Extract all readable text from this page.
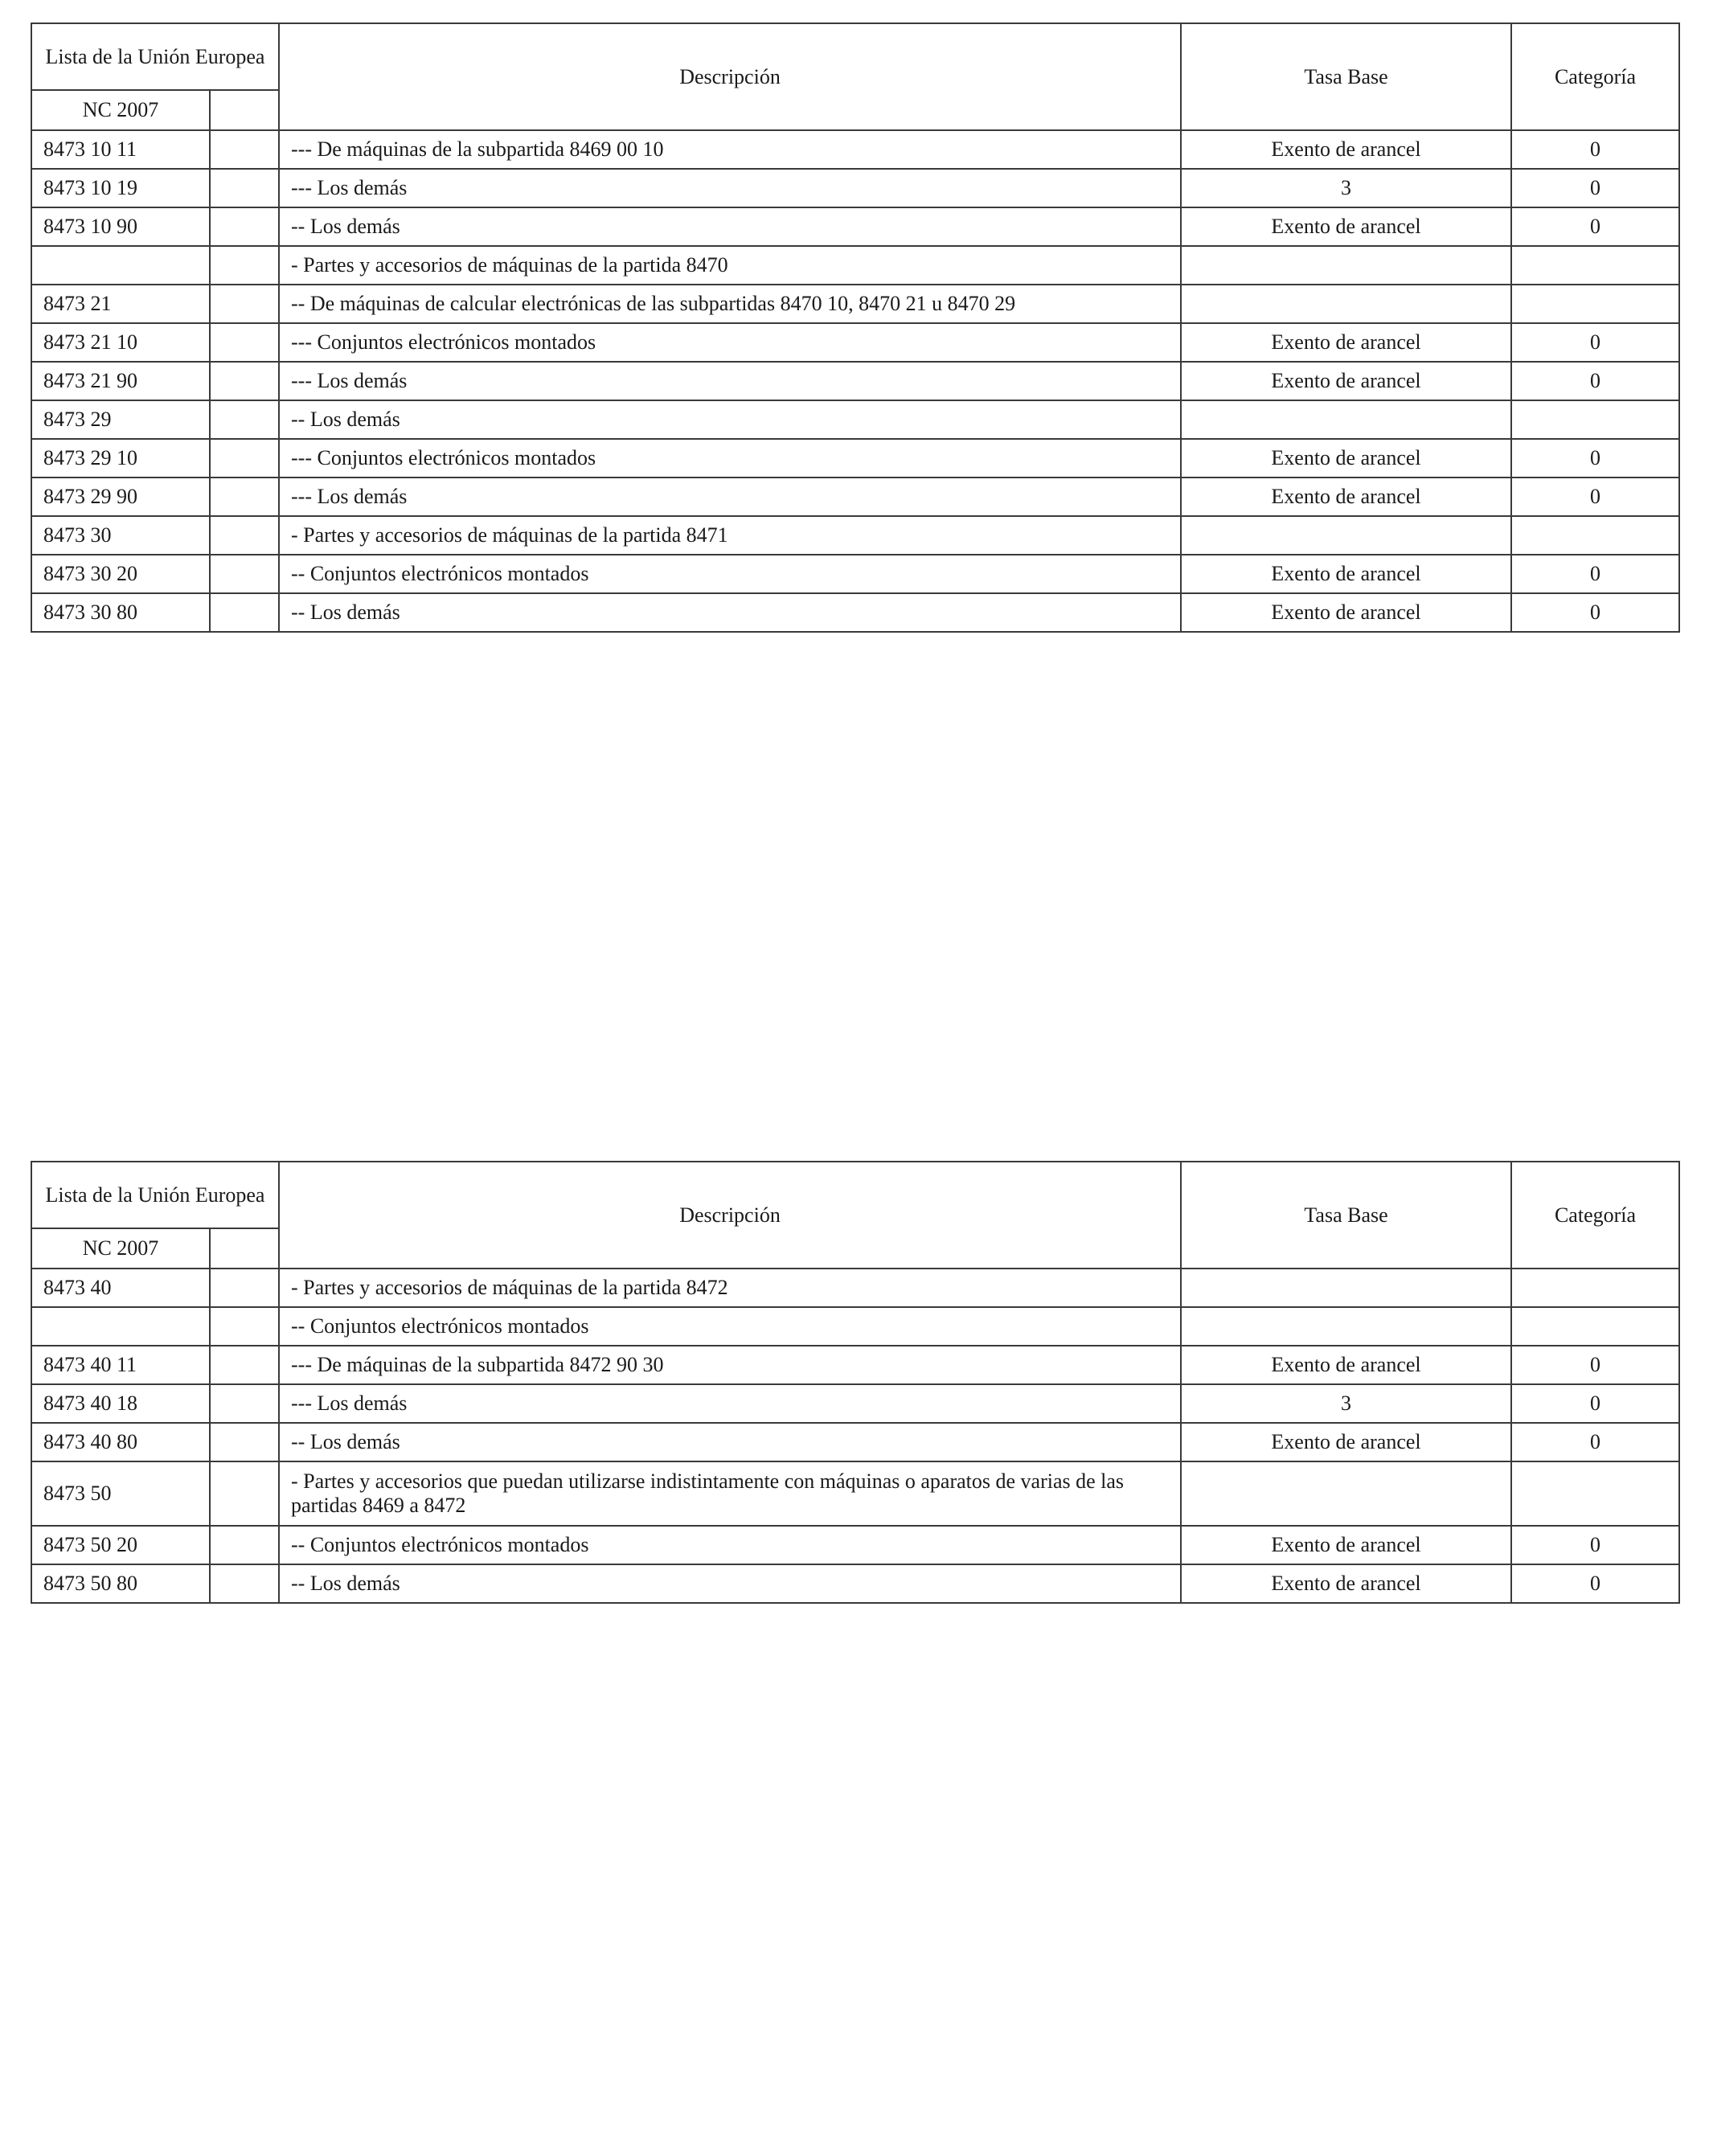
Lista de la Unión Europea		Descripción	Tasa Base	Categoría
NC 2007				
8473 10 11		--- De máquinas de la subpartida 8469 00 10	Exento de arancel	0
8473 10 19		--- Los demás	3	0
8473 10 90		-- Los demás	Exento de arancel	0
		- Partes y accesorios de máquinas de la partida 8470		
8473 21		-- De máquinas de calcular electrónicas de las subpartidas 8470 10, 8470 21 u 8470 29		
8473 21 10		--- Conjuntos electrónicos montados	Exento de arancel	0
8473 21 90		--- Los demás	Exento de arancel	0
8473 29		-- Los demás		
8473 29 10		--- Conjuntos electrónicos montados	Exento de arancel	0
8473 29 90		--- Los demás	Exento de arancel	0
8473 30		- Partes y accesorios de máquinas de la partida 8471		
8473 30 20		-- Conjuntos electrónicos montados	Exento de arancel	0
8473 30 80		-- Los demás	Exento de arancel	0
Lista de la Unión Europea		Descripción	Tasa Base	Categoría
NC 2007				
8473 40		- Partes y accesorios de máquinas de la partida 8472		
		-- Conjuntos electrónicos montados		
8473 40 11		--- De máquinas de la subpartida 8472 90 30	Exento de arancel	0
8473 40 18		--- Los demás	3	0
8473 40 80		-- Los demás	Exento de arancel	0
8473 50		- Partes y accesorios que puedan utilizarse indistintamente con máquinas o aparatos de varias de las partidas 8469 a 8472		
8473 50 20		-- Conjuntos electrónicos montados	Exento de arancel	0
8473 50 80		-- Los demás	Exento de arancel	0
